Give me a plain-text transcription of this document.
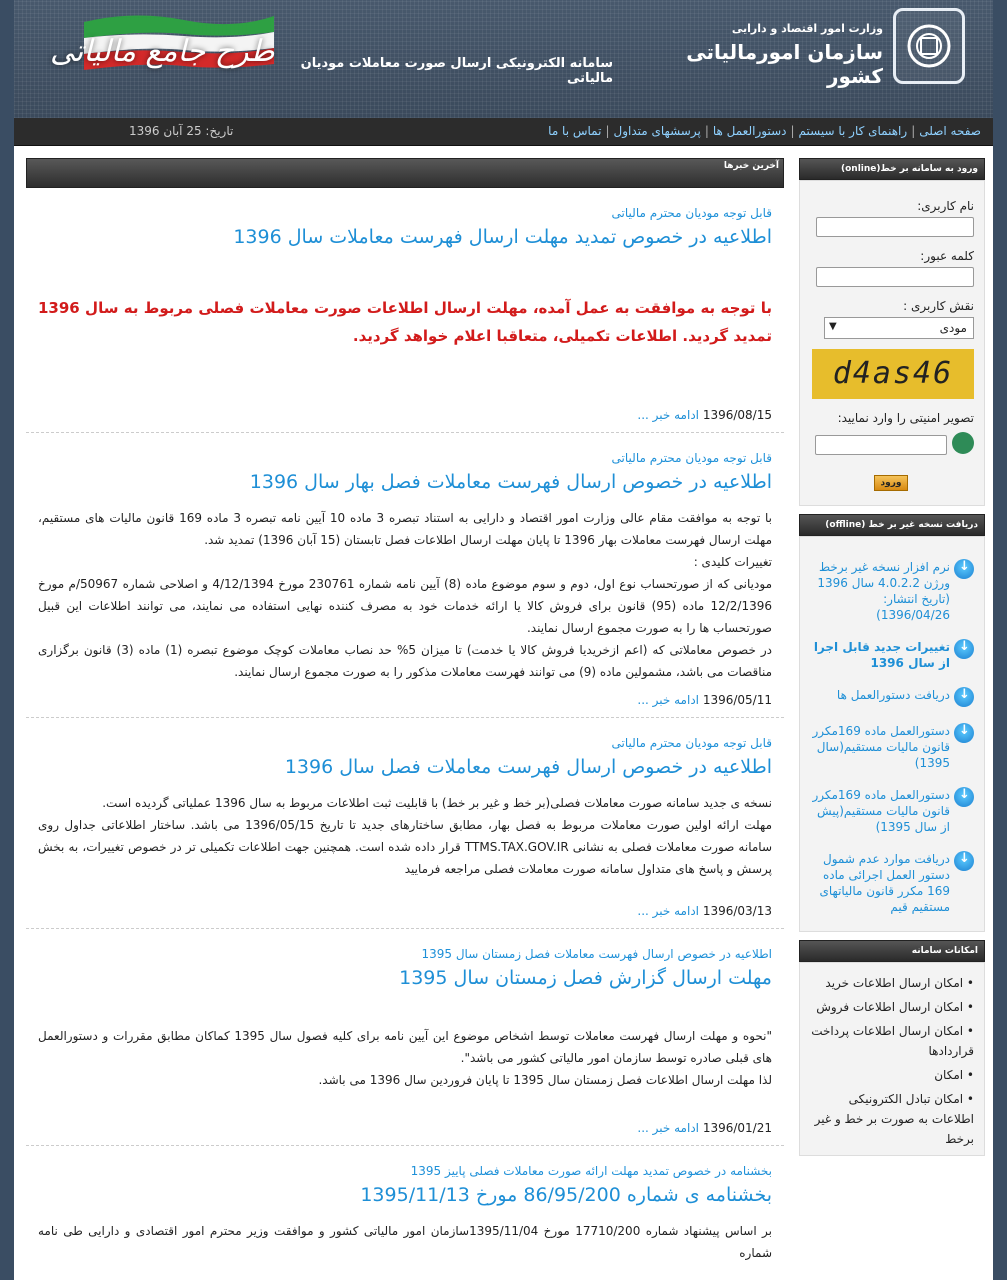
وزارت امور اقتصاد و دارایی
سازمان امورمالیاتی کشور
سامانه الکترونیکی ارسال صورت معاملات مودیان مالیاتی
طرح جامع مالیاتی
صفحه اصلی
|
راهنمای کار با سیستم
|
دستورالعمل ها
|
پرسشهای متداول
|
تماس با ما
تاریخ: 25 آبان 1396
آخرین خبرها
قابل توجه مودیان محترم مالیاتی
اطلاعیه در خصوص تمدید مهلت ارسال فهرست معاملات سال 1396
با توجه به موافقت به عمل آمده، مهلت ارسال اطلاعات صورت معاملات فصلی مربوط به سال 1396 تمدید گردید. اطلاعات تکمیلی، متعاقبا اعلام خواهد گردید.
1396/08/15 ادامه خبر ...
قابل توجه مودیان محترم مالیاتی
اطلاعیه در خصوص ارسال فهرست معاملات فصل بهار سال 1396
با توجه به موافقت مقام عالی وزارت امور اقتصاد و دارایی به استناد تبصره 3 ماده 10 آیین نامه تبصره 3 ماده 169 قانون مالیات های مستقیم، مهلت ارسال فهرست معاملات بهار 1396 تا پایان مهلت ارسال اطلاعات فصل تابستان (15 آبان 1396) تمدید شد.
تغییرات کلیدی :
مودیانی که از صورتحساب نوع اول، دوم و سوم موضوع ماده (8) آیین نامه شماره 230761 مورخ 4/12/1394 و اصلاحی شماره 50967/م مورخ 12/2/1396 ماده (95) قانون برای فروش کالا یا ارائه خدمات خود به مصرف کننده نهایی استفاده می نمایند، می توانند اطلاعات این قبیل صورتحساب ها را به صورت مجموع ارسال نمایند.
در خصوص معاملاتی که (اعم ازخریدیا فروش کالا یا خدمت) تا میزان 5% حد نصاب معاملات کوچک موضوع تبصره (1) ماده (3) قانون برگزاری مناقصات می باشد، مشمولین ماده (9) می توانند فهرست معاملات مذکور را به صورت مجموع ارسال نمایند.
1396/05/11 ادامه خبر ...
قابل توجه مودیان محترم مالیاتی
اطلاعیه در خصوص ارسال فهرست معاملات فصل سال 1396
نسخه ی جدید سامانه صورت معاملات فصلی(بر خط و غیر بر خط) با قابلیت ثبت اطلاعات مربوط به سال 1396 عملیاتی گردیده است.
مهلت ارائه اولین صورت معاملات مربوط به فصل بهار، مطابق ساختارهای جدید تا تاریخ 1396/05/15 می باشد. ساختار اطلاعاتی جداول روی سامانه صورت معاملات فصلی به نشانی TTMS.TAX.GOV.IR قرار داده شده است. همچنین جهت اطلاعات تکمیلی تر در خصوص تغییرات، به بخش پرسش و پاسخ های متداول سامانه صورت معاملات فصلی مراجعه فرمایید
1396/03/13 ادامه خبر ...
اطلاعیه در خصوص ارسال فهرست معاملات فصل زمستان سال 1395
مهلت ارسال گزارش فصل زمستان سال 1395
"نحوه و مهلت ارسال فهرست معاملات توسط اشخاص موضوع این آیین نامه برای کلیه فصول سال 1395 کماکان مطابق مقررات و دستورالعمل های قبلی صادره توسط سازمان امور مالیاتی کشور می باشد".
لذا مهلت ارسال اطلاعات فصل زمستان سال 1395 تا پایان فروردین سال 1396 می باشد.
1396/01/21 ادامه خبر ...
بخشنامه در خصوص تمدید مهلت ارائه صورت معاملات فصلی پاییز 1395
بخشنامه ی شماره 86/95/200 مورخ 1395/11/13
بر اساس پیشنهاد شماره 17710/200 مورخ 1395/11/04سازمان امور مالیاتی کشور و موافقت وزیر محترم امور اقتصادی و دارایی طی نامه شماره
ورود به سامانه بر خط(online)
نام کاربری:
کلمه عبور:
نقش کاربری :
مودی
▼
d4as46
تصویر امنیتی را وارد نمایید:

ورود
دریافت نسخه غیر بر خط (offline)
↓
نرم افزار نسخه غیر برخط ورژن 4.0.2.2 سال 1396 (تاریخ انتشار: 1396/04/26)
↓
تغییرات جدید قابل اجرا از سال 1396
↓
دریافت دستورالعمل ها
↓
دستورالعمل ماده 169مکرر قانون مالیات مستقیم(سال 1395)
↓
دستورالعمل ماده 169مکرر قانون مالیات مستقیم(پیش از سال 1395)
↓
دریافت موارد عدم شمول دستور العمل اجرائی ماده 169 مکرر قانون مالیاتهای مستقیم قیم
امکانات سامانه
• امکان ارسال اطلاعات خرید
• امکان ارسال اطلاعات فروش
• امکان ارسال اطلاعات پرداخت قراردادها
• امکان
• امکان تبادل الکترونیکی اطلاعات به صورت بر خط و غیر برخط
